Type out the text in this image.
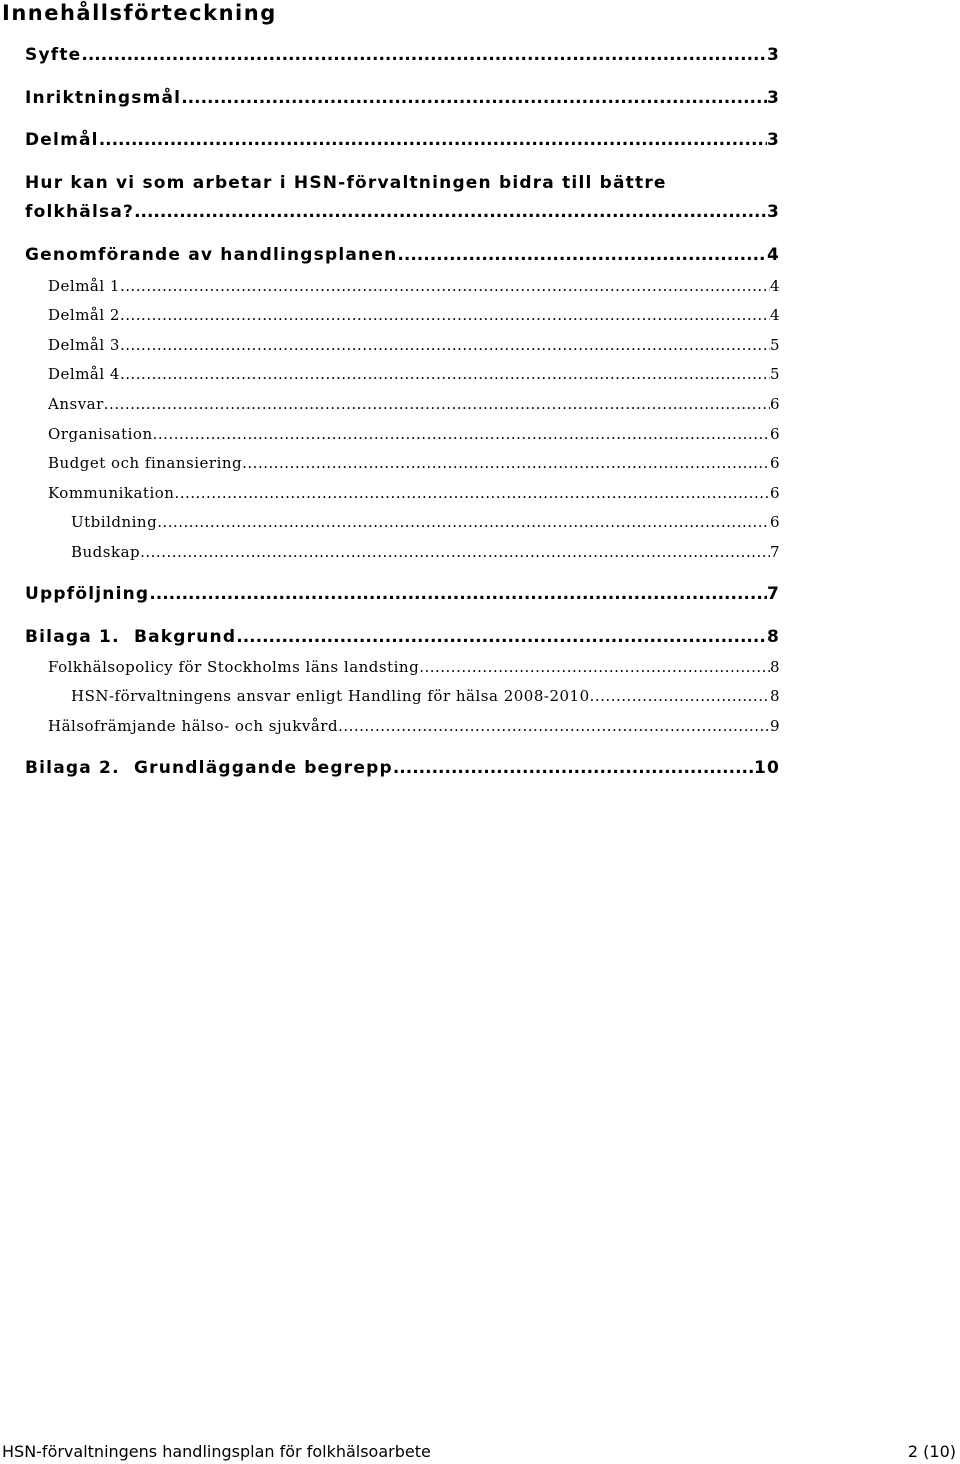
Innehållsförteckning
Syfte .....	3
Inriktningsmål .....	3
Delmål .....	3
Hur kan vi som arbetar i HSN-förvaltningen bidra till bättre
folkhälsa? .....	3
Genomförande av handlingsplanen .....	4
Delmål 1 .....	4
Delmål 2 .....	4
Delmål 3 .....	5
Delmål 4 .....	5
Ansvar .....	6
Organisation .....	6
Budget och finansiering .....	6
Kommunikation .....	6
Utbildning .....	6
Budskap .....	7
Uppföljning .....	7
Bilaga 1.  Bakgrund .....	8
Folkhälsopolicy för Stockholms läns landsting .....	8
HSN-förvaltningens ansvar enligt Handling för hälsa 2008-2010 .....	8
Hälsofrämjande hälso- och sjukvård .....	9
Bilaga 2.  Grundläggande begrepp .....	10
HSN-förvaltningens handlingsplan för folkhälsoarbete	2 (10)
